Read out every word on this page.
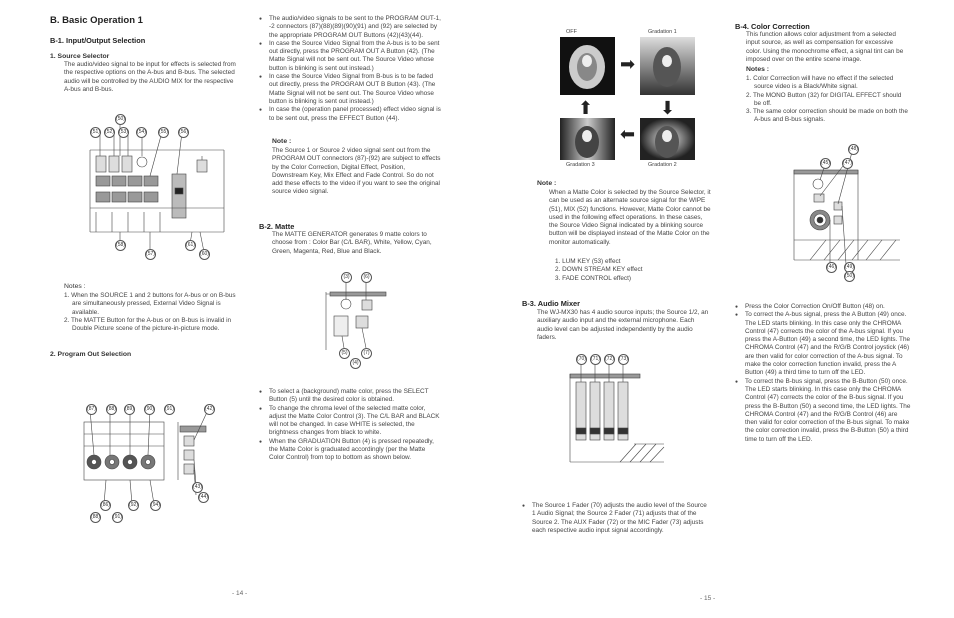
B. Basic Operation 1
B-1. Input/Output Selection
1. Source Selector
The audio/video signal to be input for effects is selected from the respective options on the A-bus and B-bus. The selected audio will be controlled by the AUDIO MIX for the respective A-bus and B-bus.
(51) (52) (53) (54)	(55) (56)
(50)
(58)
(57)
(61)
(60)
Notes :
1. When the SOURCE 1 and 2 buttons for A-bus or on B-bus are simultaneously pressed, External Video Signal is available.
2. The MATTE Button for the A-bus or on B-bus is invalid in Double Picture scene of the picture-in-picture mode.
2. Program Out Selection
(87) (88) (89) (90) (91)	(42)
(43)
(44)
(86)	(92)	(94)
(88)	(91)
● The audio/video signals to be sent to the PROGRAM OUT-1, -2 connectors (87)(88)(89)(90)(91) and (92) are selected by the appropriate PROGRAM OUT Buttons (42)(43)(44).
● In case the Source Video Signal from the A-bus is to be sent out directly, press the PROGRAM OUT A Button (42). (The Matte Signal will not be sent out. The Source Video whose button is blinking is sent out instead.)
● In case the Source Video Signal from B-bus is to be faded out directly, press the PROGRAM OUT B Button (43). (The Matte Signal will not be sent out. The Source Video whose button is blinking is sent out instead.)
● In case the (operation panel processed) effect video signal is to be sent out, press the EFFECT Button (44).
Note :
The Source 1 or Source 2 video signal sent out from the PROGRAM OUT connectors (87)-(92) are subject to effects by the Color Correction, Digital Effect, Position, Downstream Key, Mix Effect and Fade Control. So do not add these effects to the video if you want to see the original source video signal.
B-2. Matte
The MATTE GENERATOR generates 9 matte colors to choose from : Color Bar (C/L BAR), White, Yellow, Cyan, Green, Magenta, Red, Blue and Black.
(3)	(6)
(5)	(7)
(4)
● To select a (background) matte color, press the SELECT Button (5) until the desired color is obtained.
● To change the chroma level of the selected matte color, adjust the Matte Color Control (3). The C/L BAR and BLACK will not be changed. In case WHITE is selected, the brightness changes from black to white.
● When the GRADUATION Button (4) is pressed repeatedly, the Matte Color is graduated accordingly (per the Matte Color Control) from top to bottom as shown below.
- 14 -
OFF	Gradation 1
➡
⬇
⬆
⬅
Gradation 3	Gradation 2
Note :
When a Matte Color is selected by the Source Selector, it can be used as an alternate source signal for the WIPE (51), MIX (52) functions. However, Matte Color cannot be used in the following effect operations. In these cases, the Source Video Signal indicated by a blinking source button will be displayed instead of the Matte Color on the monitor automatically.
1. LUM KEY (53) effect
2. DOWN STREAM KEY effect
3. FADE CONTROL effect)
B-3. Audio Mixer
The WJ-MX30 has 4 audio source inputs; the Source 1/2, an auxiliary audio input and the external microphone. Each audio level can be adjusted independently by the audio faders.
(70) (71) (72) (73)
● The Source 1 Fader (70) adjusts the audio level of the Source 1 Audio Signal; the Source 2 Fader (71) adjusts that of the Source 2. The AUX Fader (72) or the MIC Fader (73) adjusts each respective audio input signal accordingly.
B-4. Color Correction
This function allows color adjustment from a selected input source, as well as compensation for excessive color. Using the monochrome effect, a signal tint can be imposed over on the entire scene image.
Notes :
1. Color Correction will have no effect if the selected source video is a Black/White signal.
2. The MONO Button (32) for DIGITAL EFFECT should be off.
3. The same color correction should be made on both the A-bus and B-bus signals.
(45)	(47)
(48)
(49)
(46)
(50)
● Press the Color Correction On/Off Button (48) on.
● To correct the A-bus signal, press the A Button (49) once. The LED starts blinking. In this case only the CHROMA Control (47) corrects the color of the A-bus signal. If you press the A-Button (49) a second time, the LED lights. The CHROMA Control (47) and the R/G/B Control joystick (46) are then valid for color correction of the A-bus signal. To make the color correction function invalid, press the A Button (49) a third time to turn off the LED.
● To correct the B-bus signal, press the B-Button (50) once. The LED starts blinking. In this case only the CHROMA Control (47) corrects the color of the B-bus signal. If you press the B-Button (50) a second time, the LED lights. The CHROMA Control (47) and the R/G/B Control (46) are then valid for color correction of the B-bus signal. To make the color correction invalid, press the B-Button (50) a third time to turn off the LED.
- 15 -
